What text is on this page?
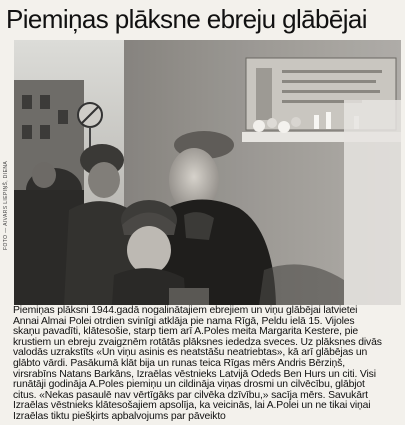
Piemiņas plāksne ebreju glābējai
FOTO — AIVARS LIEPIŅŠ, DIENA
Piemiņas plāksni 1944.gadā nogalinātajiem ebrejiem un viņu glābējai latvietei
Annai Almai Polei otrdien svinīgi atklāja pie nama Rīgā, Peldu ielā 15. Vijoles
skaņu pavadīti, klātesošie, starp tiem arī A.Poles meita Margarita Kestere, pie
krustiem un ebreju zvaigznēm rotātās plāksnes iededza sveces. Uz plāksnes divās
valodās uzrakstīts «Un viņu asinis es neatstāšu neatriebtas», kā arī glābējas un
glābto vārdi. Pasākumā klāt bija un runas teica Rīgas mērs Andris Bērziņš,
virsrabīns Natans Barkāns, Izraēlas vēstnieks Latvijā Odeds Ben Hurs un citi. Visi
runātāji godināja A.Poles piemiņu un cildināja viņas drosmi un cilvēcību, glābjot
citus. «Nekas pasaulē nav vērtīgāks par cilvēka dzīvību,» sacīja mērs. Savukārt
Izraēlas vēstnieks klātesošajiem apsolīja, ka veicinās, lai A.Polei un ne tikai viņai
Izraēlas tiktu piešķirts apbalvojums par pāveikto
